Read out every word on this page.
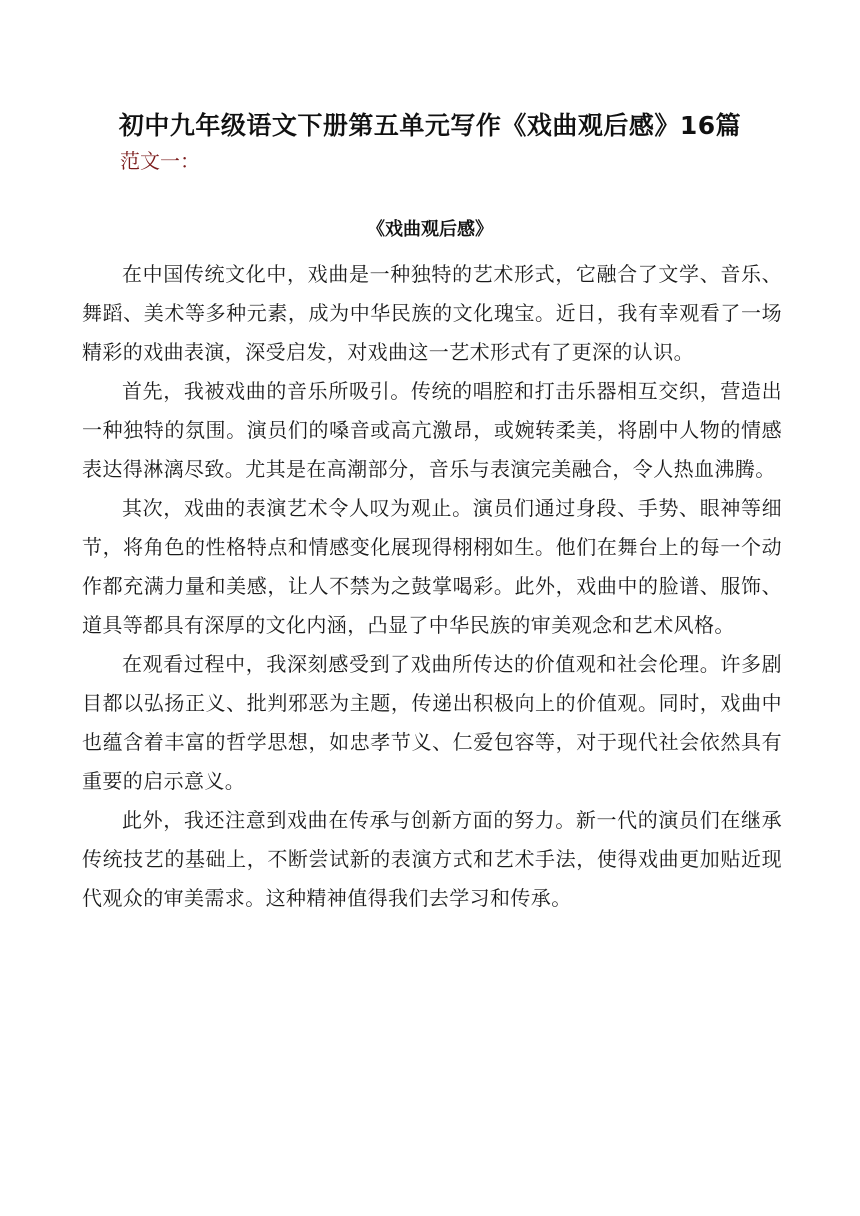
初中九年级语文下册第五单元写作《戏曲观后感》16篇
范文一：
《戏曲观后感》

在中国传统文化中，戏曲是一种独特的艺术形式，它融合了文学、音乐、舞蹈、美术等多种元素，成为中华民族的文化瑰宝。近日，我有幸观看了一场精彩的戏曲表演，深受启发，对戏曲这一艺术形式有了更深的认识。

首先，我被戏曲的音乐所吸引。传统的唱腔和打击乐器相互交织，营造出一种独特的氛围。演员们的嗓音或高亢激昂，或婉转柔美，将剧中人物的情感表达得淋漓尽致。尤其是在高潮部分，音乐与表演完美融合，令人热血沸腾。

其次，戏曲的表演艺术令人叹为观止。演员们通过身段、手势、眼神等细节，将角色的性格特点和情感变化展现得栩栩如生。他们在舞台上的每一个动作都充满力量和美感，让人不禁为之鼓掌喝彩。此外，戏曲中的脸谱、服饰、道具等都具有深厚的文化内涵，凸显了中华民族的审美观念和艺术风格。

在观看过程中，我深刻感受到了戏曲所传达的价值观和社会伦理。许多剧目都以弘扬正义、批判邪恶为主题，传递出积极向上的价值观。同时，戏曲中也蕴含着丰富的哲学思想，如忠孝节义、仁爱包容等，对于现代社会依然具有重要的启示意义。

此外，我还注意到戏曲在传承与创新方面的努力。新一代的演员们在继承传统技艺的基础上，不断尝试新的表演方式和艺术手法，使得戏曲更加贴近现代观众的审美需求。这种精神值得我们去学习和传承。
